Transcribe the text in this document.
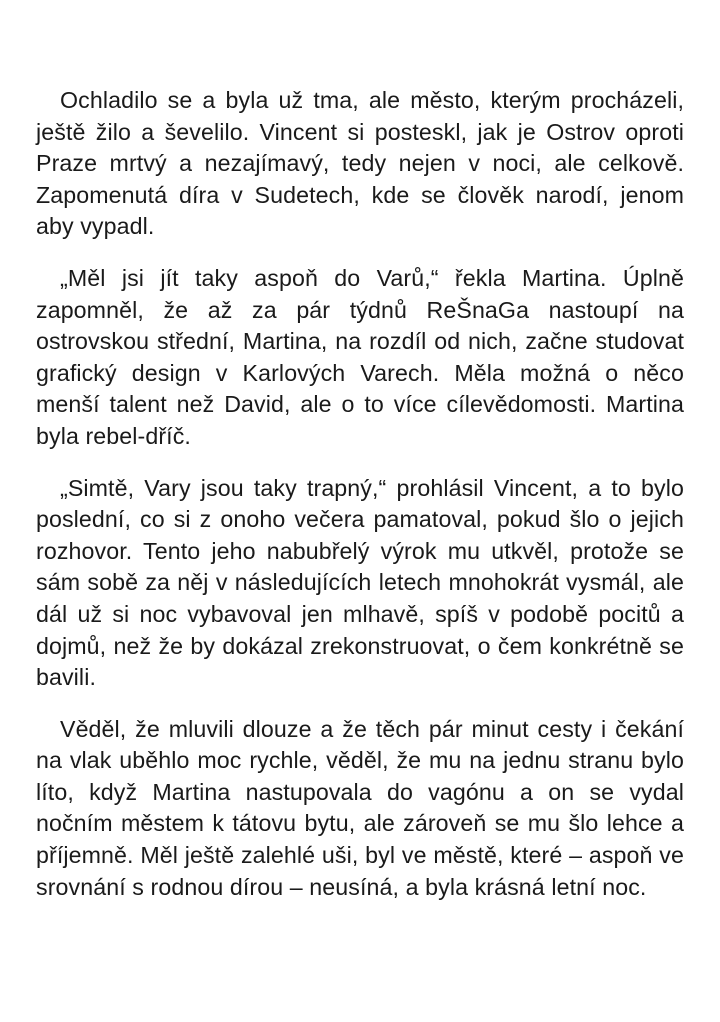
Ochladilo se a byla už tma, ale město, kterým procházeli, ještě žilo a ševelilo. Vincent si posteskl, jak je Ostrov oproti Praze mrtvý a nezajímavý, tedy nejen v noci, ale celkově. Zapomenutá díra v Sudetech, kde se člověk narodí, jenom aby vypadl.

„Měl jsi jít taky aspoň do Varů,“ řekla Martina. Úplně zapomněl, že až za pár týdnů ReŠnaGa nastoupí na ostrovskou střední, Martina, na rozdíl od nich, začne studovat grafický design v Karlových Varech. Měla možná o něco menší talent než David, ale o to více cílevědomosti. Martina byla rebel-dříč.

„Simtě, Vary jsou taky trapný,“ prohlásil Vincent, a to bylo poslední, co si z onoho večera pamatoval, pokud šlo o jejich rozhovor. Tento jeho nabubřelý výrok mu utkvěl, protože se sám sobě za něj v následujících letech mnohokrát vysmál, ale dál už si noc vybavoval jen mlhavě, spíš v podobě pocitů a dojmů, než že by dokázal zrekonstruovat, o čem konkrétně se bavili.

Věděl, že mluvili dlouze a že těch pár minut cesty i čekání na vlak uběhlo moc rychle, věděl, že mu na jednu stranu bylo líto, když Martina nastupovala do vagónu a on se vydal nočním městem k tátovu bytu, ale zároveň se mu šlo lehce a příjemně. Měl ještě zalehlé uši, byl ve městě, které – aspoň ve srovnání s rodnou dírou – neusíná, a byla krásná letní noc.
